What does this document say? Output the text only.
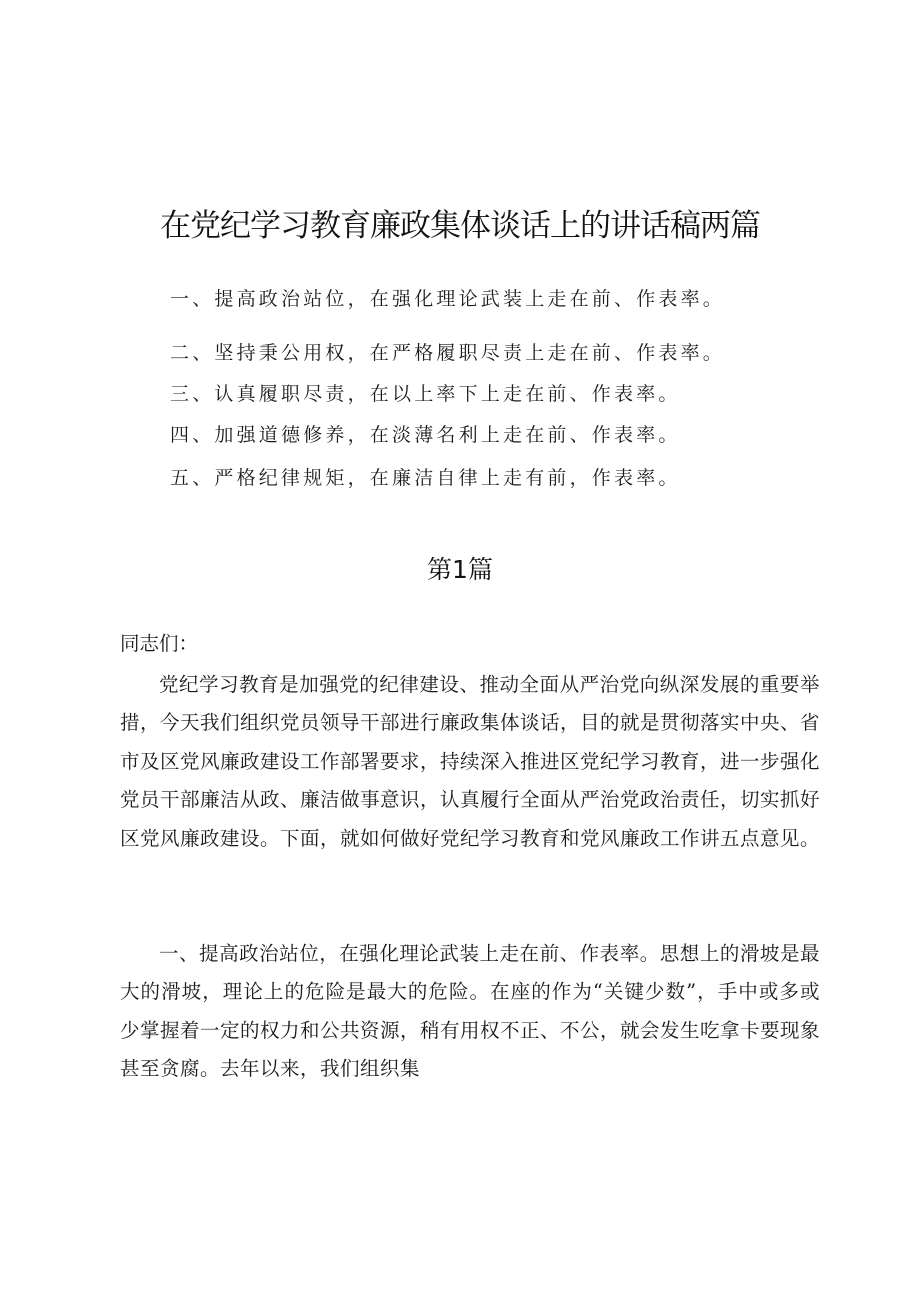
在党纪学习教育廉政集体谈话上的讲话稿两篇
一、提高政治站位，在强化理论武装上走在前、作表率。
二、坚持秉公用权，在严格履职尽责上走在前、作表率。
三、认真履职尽责，在以上率下上走在前、作表率。
四、加强道德修养，在淡薄名利上走在前、作表率。
五、严格纪律规矩，在廉洁自律上走有前，作表率。
第1篇

同志们：

党纪学习教育是加强党的纪律建设、推动全面从严治党向纵深发展的重要举措，今天我们组织党员领导干部进行廉政集体谈话，目的就是贯彻落实中央、省市及区党风廉政建设工作部署要求，持续深入推进区党纪学习教育，进一步强化党员干部廉洁从政、廉洁做事意识，认真履行全面从严治党政治责任，切实抓好区党风廉政建设。下面，就如何做好党纪学习教育和党风廉政工作讲五点意见。

一、提高政治站位，在强化理论武装上走在前、作表率。思想上的滑坡是最大的滑坡，理论上的危险是最大的危险。在座的作为“关键少数”，手中或多或少掌握着一定的权力和公共资源，稍有用权不正、不公，就会发生吃拿卡要现象甚至贪腐。去年以来，我们组织集
